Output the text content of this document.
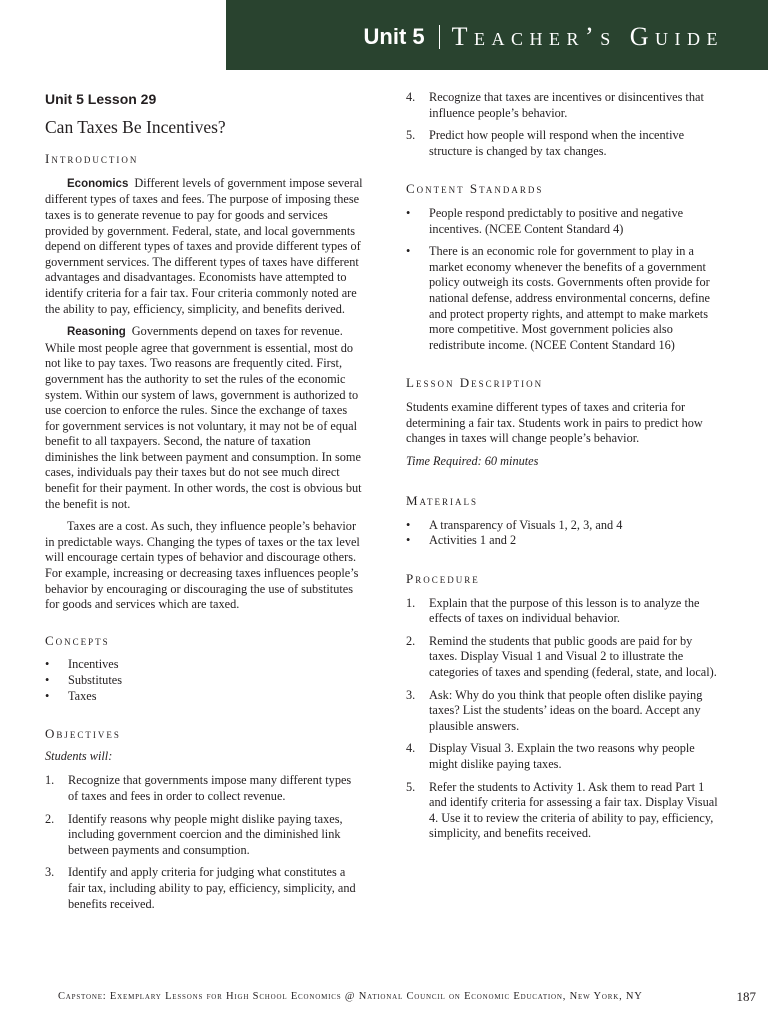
Unit 5 Teacher’s Guide
Unit 5 Lesson 29
Can Taxes Be Incentives?
Introduction

Economics Different levels of government impose several different types of taxes and fees. The purpose of imposing these taxes is to generate revenue to pay for goods and services provided by government. Federal, state, and local governments depend on different types of taxes and provide different types of government services. The different types of taxes have different advantages and disadvantages. Economists have attempted to identify criteria for a fair tax. Four criteria commonly noted are the ability to pay, efficiency, simplicity, and benefits derived.

Reasoning Governments depend on taxes for revenue. While most people agree that government is essential, most do not like to pay taxes. Two reasons are frequently cited. First, government has the authority to set the rules of the economic system. Within our system of laws, government is authorized to use coercion to enforce the rules. Since the exchange of taxes for government services is not voluntary, it may not be of equal benefit to all taxpayers. Second, the nature of taxation diminishes the link between payment and consumption. In some cases, individuals pay their taxes but do not see much direct benefit for their payment. In other words, the cost is obvious but the benefit is not.

Taxes are a cost. As such, they influence people’s behavior in predictable ways. Changing the types of taxes or the tax level will encourage certain types of behavior and discourage others. For example, increasing or decreasing taxes influences people’s behavior by encouraging or discouraging the use of substitutes for goods and services which are taxed.

Concepts
• Incentives
• Substitutes
• Taxes
Objectives
Students will:
1. Recognize that governments impose many different types of taxes and fees in order to collect revenue.
2. Identify reasons why people might dislike paying taxes, including government coercion and the diminished link between payments and consumption.
3. Identify and apply criteria for judging what constitutes a fair tax, including ability to pay, efficiency, simplicity, and benefits received.
4. Recognize that taxes are incentives or disincentives that influence people’s behavior.
5. Predict how people will respond when the incentive structure is changed by tax changes.
Content Standards
• People respond predictably to positive and negative incentives. (NCEE Content Standard 4)
• There is an economic role for government to play in a market economy whenever the benefits of a government policy outweigh its costs. Governments often provide for national defense, address environmental concerns, define and protect property rights, and attempt to make markets more competitive. Most government policies also redistribute income. (NCEE Content Standard 16)
Lesson Description

Students examine different types of taxes and criteria for determining a fair tax. Students work in pairs to predict how changes in taxes will change people’s behavior.

Time Required: 60 minutes
Materials
• A transparency of Visuals 1, 2, 3, and 4
• Activities 1 and 2
Procedure
1. Explain that the purpose of this lesson is to analyze the effects of taxes on individual behavior.
2. Remind the students that public goods are paid for by taxes. Display Visual 1 and Visual 2 to illustrate the categories of taxes and spending (federal, state, and local).
3. Ask: Why do you think that people often dislike paying taxes? List the students’ ideas on the board. Accept any plausible answers.
4. Display Visual 3. Explain the two reasons why people might dislike paying taxes.
5. Refer the students to Activity 1. Ask them to read Part 1 and identify criteria for assessing a fair tax. Display Visual 4. Use it to review the criteria of ability to pay, efficiency, simplicity, and benefits received.
Capstone: Exemplary Lessons for High School Economics @ National Council on Economic Education, New York, NY	187
